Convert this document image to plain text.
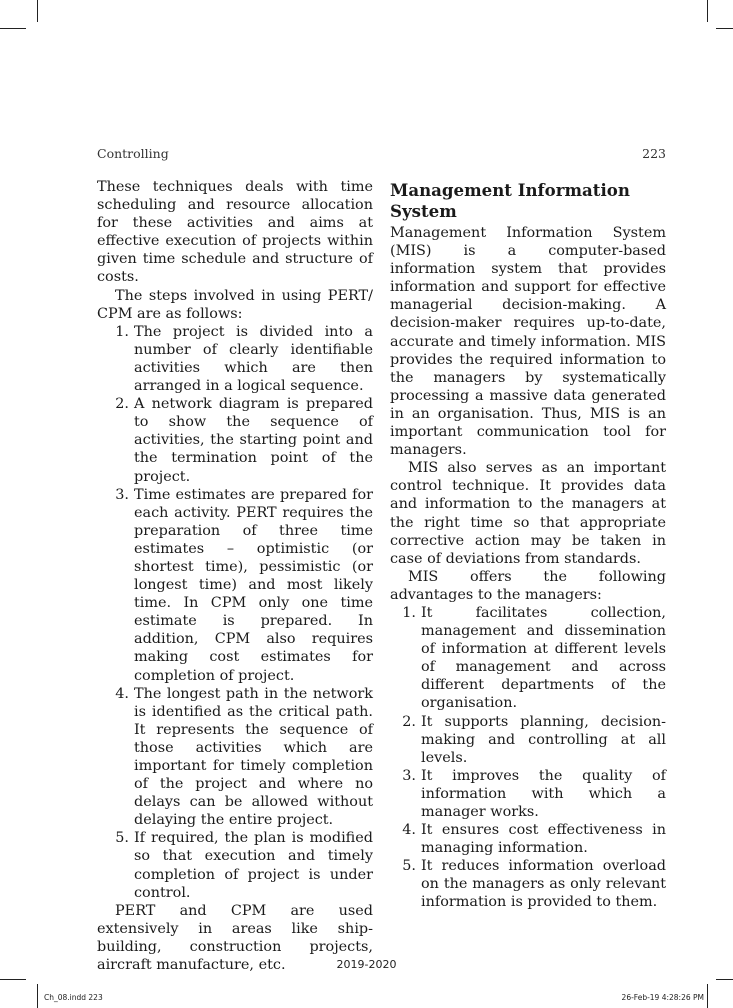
Controlling	223

These techniques deals with time scheduling and resource allocation for these activities and aims at effective execution of projects within given time schedule and structure of costs.

The steps involved in using PERT/ CPM are as follows:

1. The project is divided into a number of clearly identifiable activities which are then arranged in a logical sequence.
2. A network diagram is prepared to show the sequence of activities, the starting point and the termination point of the project.
3. Time estimates are prepared for each activity. PERT requires the preparation of three time estimates – optimistic (or shortest time), pessimistic (or longest time) and most likely time. In CPM only one time estimate is prepared. In addition, CPM also requires making cost estimates for completion of project.
4. The longest path in the network is identified as the critical path. It represents the sequence of those activities which are important for timely completion of the project and where no delays can be allowed without delaying the entire project.
5. If required, the plan is modified so that execution and timely completion of project is under control.

PERT and CPM are used extensively in areas like ship-building, construction projects, aircraft manufacture, etc.

Management Information System

Management Information System (MIS) is a computer-based information system that provides information and support for effective managerial decision-making. A decision-maker requires up-to-date, accurate and timely information. MIS provides the required information to the managers by systematically processing a massive data generated in an organisation. Thus, MIS is an important communication tool for managers.

MIS also serves as an important control technique. It provides data and information to the managers at the right time so that appropriate corrective action may be taken in case of deviations from standards.

MIS offers the following advantages to the managers:

1. It facilitates collection, management and dissemination of information at different levels of management and across different departments of the organisation.
2. It supports planning, decision-making and controlling at all levels.
3. It improves the quality of information with which a manager works.
4. It ensures cost effectiveness in managing information.
5. It reduces information overload on the managers as only relevant information is provided to them.
2019-2020
Ch_08.indd 223	26-Feb-19 4:28:26 PM
